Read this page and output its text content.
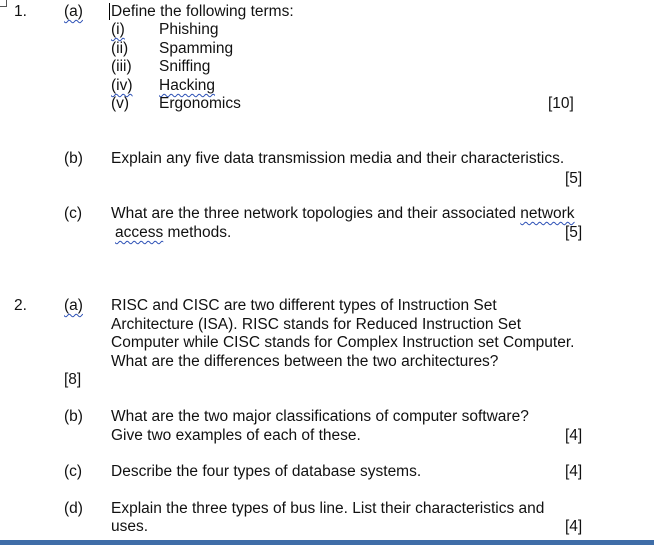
1. (a) Define the following terms:
(i) Phishing
(ii) Spamming
(iii) Sniffing
(iv) Hacking
(v) Ergonomics	[10]
(b) Explain any five data transmission media and their characteristics.
[5]
(c) What are the three network topologies and their associated network
access methods.	[5]
2. (a) RISC and CISC are two different types of Instruction Set
Architecture (ISA). RISC stands for Reduced Instruction Set
Computer while CISC stands for Complex Instruction set Computer.
What are the differences between the two architectures?
[8]
(b) What are the two major classifications of computer software?
Give two examples of each of these.	[4]
(c) Describe the four types of database systems.	[4]
(d) Explain the three types of bus line. List their characteristics and
uses.	[4]
